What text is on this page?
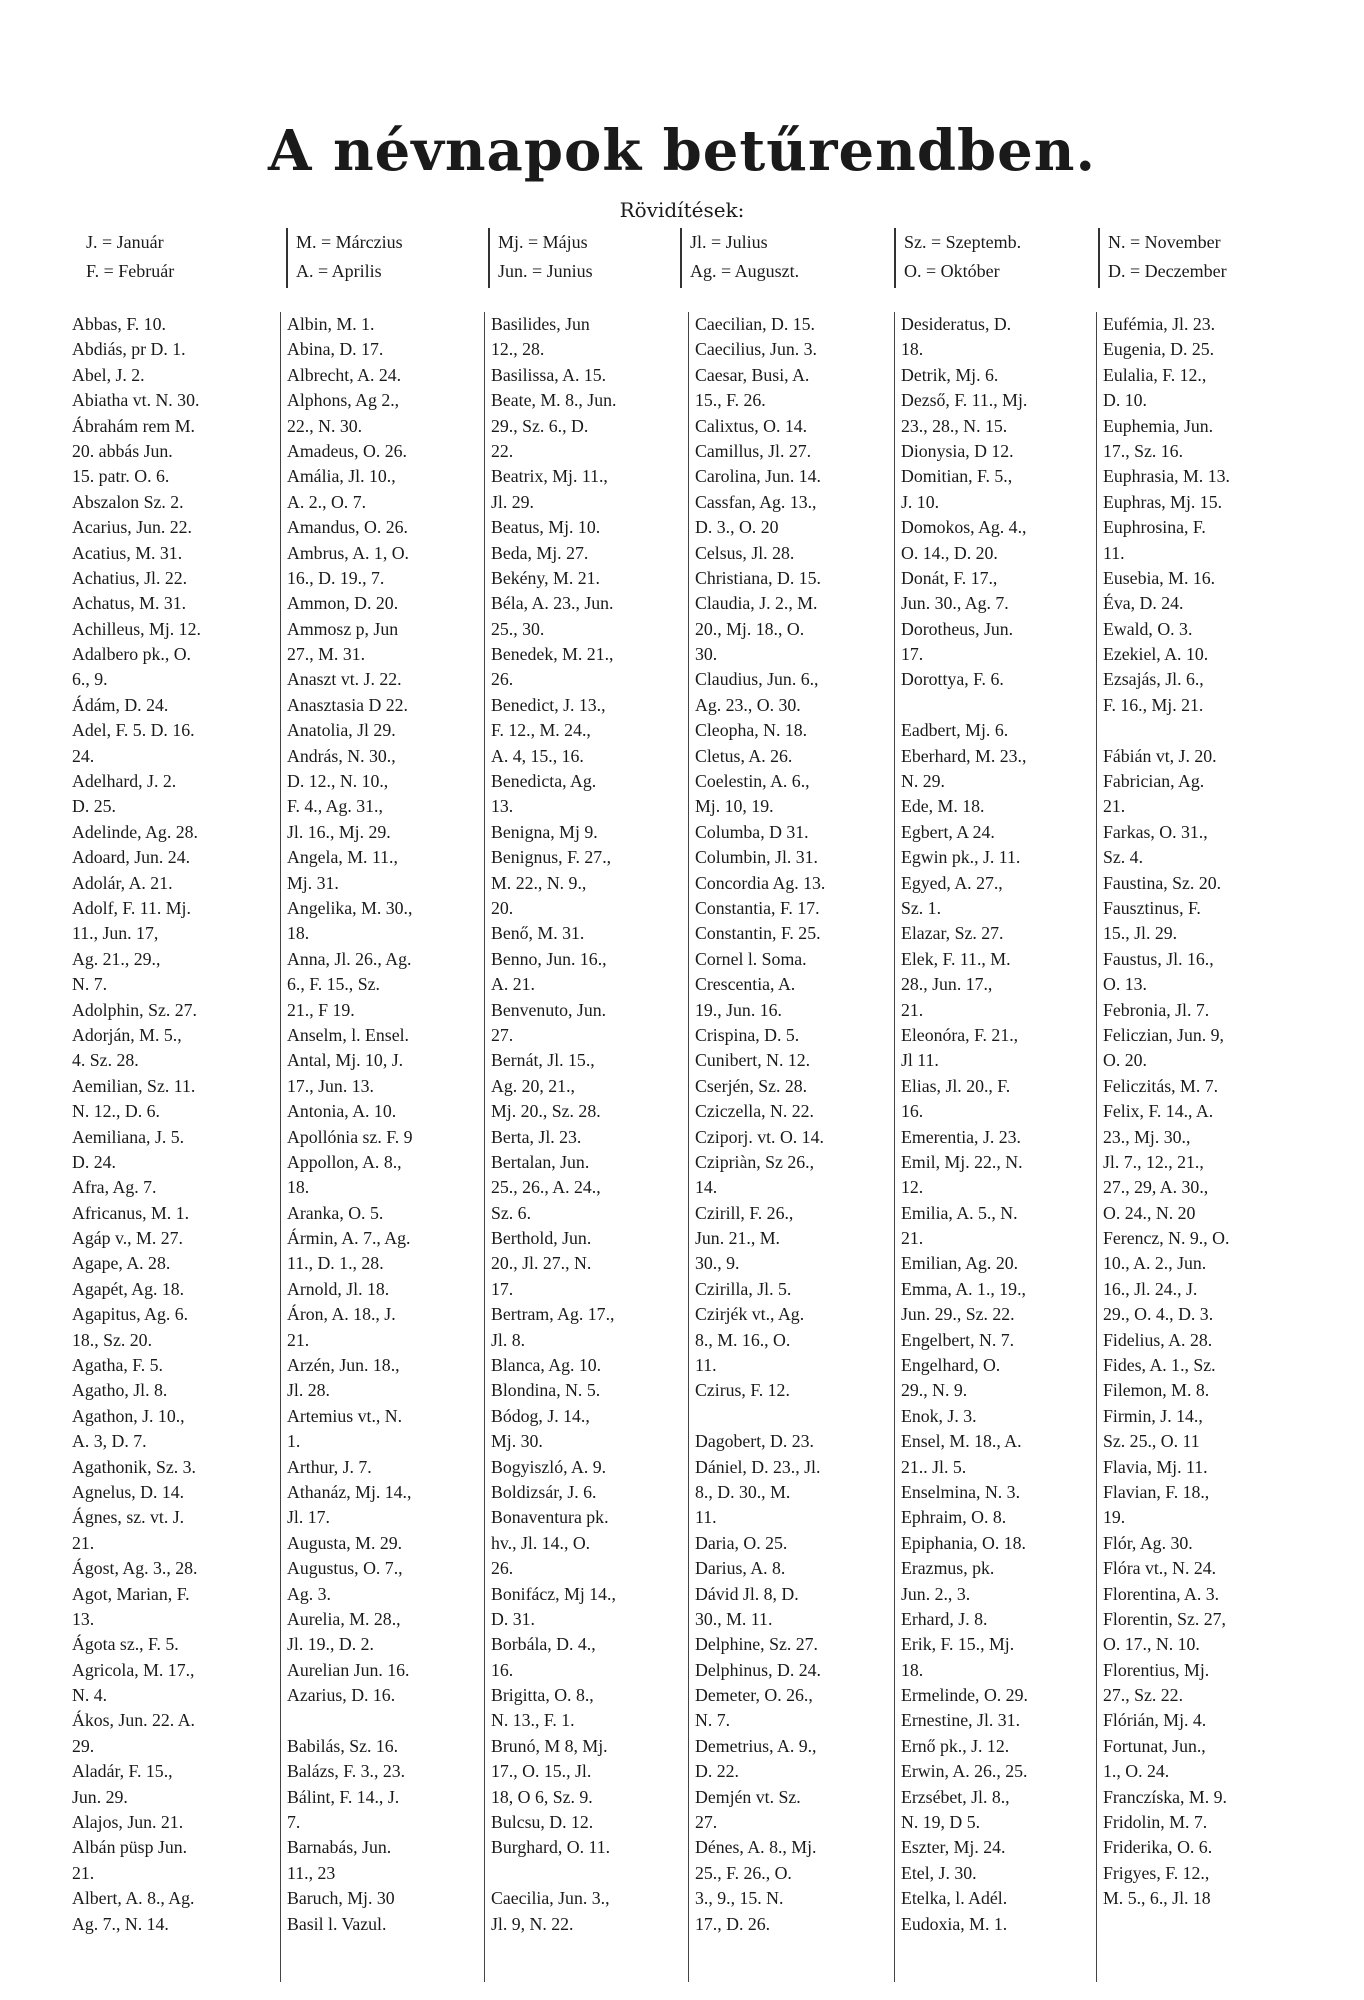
A névnapok betűrendben.
Rövidítések:
J. = Január
F. = Február
M. = Márczius
A. = Aprilis
Mj. = Május
Jun. = Junius
Jl. = Julius
Ag. = Auguszt.
Sz. = Szeptemb.
O. = Október
N. = November
D. = Deczember
Abbas, F. 10.
Abdiás, pr D. 1.
Abel, J. 2.
Abiatha vt. N. 30.
Ábrahám rem M.
20. abbás Jun.
15. patr. O. 6.
Abszalon Sz. 2.
Acarius, Jun. 22.
Acatius, M. 31.
Achatius, Jl. 22.
Achatus, M. 31.
Achilleus, Mj. 12.
Adalbero pk., O.
6., 9.
Ádám, D. 24.
Adel, F. 5. D. 16.
24.
Adelhard, J. 2.
D. 25.
Adelinde, Ag. 28.
Adoard, Jun. 24.
Adolár, A. 21.
Adolf, F. 11. Mj.
11., Jun. 17,
Ag. 21., 29.,
N. 7.
Adolphin, Sz. 27.
Adorján, M. 5.,
4. Sz. 28.
Aemilian, Sz. 11.
N. 12., D. 6.
Aemiliana, J. 5.
D. 24.
Afra, Ag. 7.
Africanus, M. 1.
Agáp v., M. 27.
Agape, A. 28.
Agapét, Ag. 18.
Agapitus, Ag. 6.
18., Sz. 20.
Agatha, F. 5.
Agatho, Jl. 8.
Agathon, J. 10.,
A. 3, D. 7.
Agathonik, Sz. 3.
Agnelus, D. 14.
Ágnes, sz. vt. J.
21.
Ágost, Ag. 3., 28.
Agot, Marian, F.
13.
Ágota sz., F. 5.
Agricola, M. 17.,
N. 4.
Ákos, Jun. 22. A.
29.
Aladár, F. 15.,
Jun. 29.
Alajos, Jun. 21.
Albán püsp Jun.
21.
Albert, A. 8., Ag.
Ag. 7., N. 14.
Albin, M. 1.
Abina, D. 17.
Albrecht, A. 24.
Alphons, Ag 2.,
22., N. 30.
Amadeus, O. 26.
Amália, Jl. 10.,
A. 2., O. 7.
Amandus, O. 26.
Ambrus, A. 1, O.
16., D. 19., 7.
Ammon, D. 20.
Ammosz p, Jun
27., M. 31.
Anaszt vt. J. 22.
Anasztasia D 22.
Anatolia, Jl 29.
András, N. 30.,
D. 12., N. 10.,
F. 4., Ag. 31.,
Jl. 16., Mj. 29.
Angela, M. 11.,
Mj. 31.
Angelika, M. 30.,
18.
Anna, Jl. 26., Ag.
6., F. 15., Sz.
21., F 19.
Anselm, l. Ensel.
Antal, Mj. 10, J.
17., Jun. 13.
Antonia, A. 10.
Apollónia sz. F. 9
Appollon, A. 8.,
18.
Aranka, O. 5.
Ármin, A. 7., Ag.
11., D. 1., 28.
Arnold, Jl. 18.
Áron, A. 18., J.
21.
Arzén, Jun. 18.,
Jl. 28.
Artemius vt., N.
1.
Arthur, J. 7.
Athanáz, Mj. 14.,
Jl. 17.
Augusta, M. 29.
Augustus, O. 7.,
Ag. 3.
Aurelia, M. 28.,
Jl. 19., D. 2.
Aurelian Jun. 16.
Azarius, D. 16.
Babilás, Sz. 16.
Balázs, F. 3., 23.
Bálint, F. 14., J.
7.
Barnabás, Jun.
11., 23
Baruch, Mj. 30
Basil l. Vazul.
Basilides, Jun
12., 28.
Basilissa, A. 15.
Beate, M. 8., Jun.
29., Sz. 6., D.
22.
Beatrix, Mj. 11.,
Jl. 29.
Beatus, Mj. 10.
Beda, Mj. 27.
Bekény, M. 21.
Béla, A. 23., Jun.
25., 30.
Benedek, M. 21.,
26.
Benedict, J. 13.,
F. 12., M. 24.,
A. 4, 15., 16.
Benedicta, Ag.
13.
Benigna, Mj 9.
Benignus, F. 27.,
M. 22., N. 9.,
20.
Benő, M. 31.
Benno, Jun. 16.,
A. 21.
Benvenuto, Jun.
27.
Bernát, Jl. 15.,
Ag. 20, 21.,
Mj. 20., Sz. 28.
Berta, Jl. 23.
Bertalan, Jun.
25., 26., A. 24.,
Sz. 6.
Berthold, Jun.
20., Jl. 27., N.
17.
Bertram, Ag. 17.,
Jl. 8.
Blanca, Ag. 10.
Blondina, N. 5.
Bódog, J. 14.,
Mj. 30.
Bogyiszló, A. 9.
Boldizsár, J. 6.
Bonaventura pk.
hv., Jl. 14., O.
26.
Bonifácz, Mj 14.,
D. 31.
Borbála, D. 4.,
16.
Brigitta, O. 8.,
N. 13., F. 1.
Brunó, M 8, Mj.
17., O. 15., Jl.
18, O 6, Sz. 9.
Bulcsu, D. 12.
Burghard, O. 11.
Caecilia, Jun. 3.,
Jl. 9, N. 22.
Caecilian, D. 15.
Caecilius, Jun. 3.
Caesar, Busi, A.
15., F. 26.
Calixtus, O. 14.
Camillus, Jl. 27.
Carolina, Jun. 14.
Cassfan, Ag. 13.,
D. 3., O. 20
Celsus, Jl. 28.
Christiana, D. 15.
Claudia, J. 2., M.
20., Mj. 18., O.
30.
Claudius, Jun. 6.,
Ag. 23., O. 30.
Cleopha, N. 18.
Cletus, A. 26.
Coelestin, A. 6.,
Mj. 10, 19.
Columba, D 31.
Columbin, Jl. 31.
Concordia Ag. 13.
Constantia, F. 17.
Constantin, F. 25.
Cornel l. Soma.
Crescentia, A.
19., Jun. 16.
Crispina, D. 5.
Cunibert, N. 12.
Cserjén, Sz. 28.
Cziczella, N. 22.
Cziporj. vt. O. 14.
Czipriàn, Sz 26.,
14.
Czirill, F. 26.,
Jun. 21., M.
30., 9.
Czirilla, Jl. 5.
Czirjék vt., Ag.
8., M. 16., O.
11.
Czirus, F. 12.
Dagobert, D. 23.
Dániel, D. 23., Jl.
8., D. 30., M.
11.
Daria, O. 25.
Darius, A. 8.
Dávid Jl. 8, D.
30., M. 11.
Delphine, Sz. 27.
Delphinus, D. 24.
Demeter, O. 26.,
N. 7.
Demetrius, A. 9.,
D. 22.
Demjén vt. Sz.
27.
Dénes, A. 8., Mj.
25., F. 26., O.
3., 9., 15. N.
17., D. 26.
Desideratus, D.
18.
Detrik, Mj. 6.
Dezső, F. 11., Mj.
23., 28., N. 15.
Dionysia, D 12.
Domitian, F. 5.,
J. 10.
Domokos, Ag. 4.,
O. 14., D. 20.
Donát, F. 17.,
Jun. 30., Ag. 7.
Dorotheus, Jun.
17.
Dorottya, F. 6.
Eadbert, Mj. 6.
Eberhard, M. 23.,
N. 29.
Ede, M. 18.
Egbert, A 24.
Egwin pk., J. 11.
Egyed, A. 27.,
Sz. 1.
Elazar, Sz. 27.
Elek, F. 11., M.
28., Jun. 17.,
21.
Eleonóra, F. 21.,
Jl 11.
Elias, Jl. 20., F.
16.
Emerentia, J. 23.
Emil, Mj. 22., N.
12.
Emilia, A. 5., N.
21.
Emilian, Ag. 20.
Emma, A. 1., 19.,
Jun. 29., Sz. 22.
Engelbert, N. 7.
Engelhard, O.
29., N. 9.
Enok, J. 3.
Ensel, M. 18., A.
21.. Jl. 5.
Enselmina, N. 3.
Ephraim, O. 8.
Epiphania, O. 18.
Erazmus, pk.
Jun. 2., 3.
Erhard, J. 8.
Erik, F. 15., Mj.
18.
Ermelinde, O. 29.
Ernestine, Jl. 31.
Ernő pk., J. 12.
Erwin, A. 26., 25.
Erzsébet, Jl. 8.,
N. 19, D 5.
Eszter, Mj. 24.
Etel, J. 30.
Etelka, l. Adél.
Eudoxia, M. 1.
Eufémia, Jl. 23.
Eugenia, D. 25.
Eulalia, F. 12.,
D. 10.
Euphemia, Jun.
17., Sz. 16.
Euphrasia, M. 13.
Euphras, Mj. 15.
Euphrosina, F.
11.
Eusebia, M. 16.
Éva, D. 24.
Ewald, O. 3.
Ezekiel, A. 10.
Ezsajás, Jl. 6.,
F. 16., Mj. 21.
Fábián vt, J. 20.
Fabrician, Ag.
21.
Farkas, O. 31.,
Sz. 4.
Faustina, Sz. 20.
Fausztinus, F.
15., Jl. 29.
Faustus, Jl. 16.,
O. 13.
Febronia, Jl. 7.
Feliczian, Jun. 9,
O. 20.
Feliczitás, M. 7.
Felix, F. 14., A.
23., Mj. 30.,
Jl. 7., 12., 21.,
27., 29, A. 30.,
O. 24., N. 20
Ferencz, N. 9., O.
10., A. 2., Jun.
16., Jl. 24., J.
29., O. 4., D. 3.
Fidelius, A. 28.
Fides, A. 1., Sz.
Filemon, M. 8.
Firmin, J. 14.,
Sz. 25., O. 11
Flavia, Mj. 11.
Flavian, F. 18.,
19.
Flór, Ag. 30.
Flóra vt., N. 24.
Florentina, A. 3.
Florentin, Sz. 27,
O. 17., N. 10.
Florentius, Mj.
27., Sz. 22.
Flórián, Mj. 4.
Fortunat, Jun.,
1., O. 24.
Franczíska, M. 9.
Fridolin, M. 7.
Friderika, O. 6.
Frigyes, F. 12.,
M. 5., 6., Jl. 18
